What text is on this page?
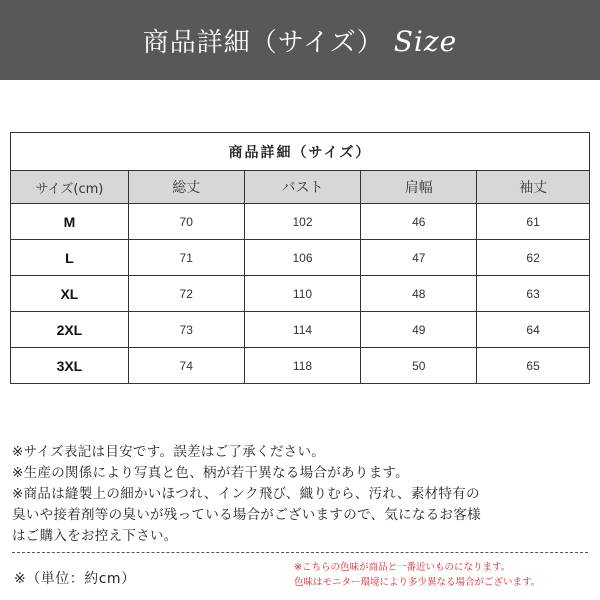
商品詳細（サイズ） Size
商品詳細（サイズ）				
サイズ(cm)	総丈	バスト	肩幅	袖丈
M	70	102	46	61
L	71	106	47	62
XL	72	110	48	63
2XL	73	114	49	64
3XL	74	118	50	65

※サイズ表記は目安です。誤差はご了承ください。

※生産の関係により写真と色、柄が若干異なる場合があります。

※商品は縫製上の細かいほつれ、インク飛び、織りむら、汚れ、素材特有の

臭いや接着剤等の臭いが残っている場合がございますので、気になるお客様

はご購入をお控え下さい。

※（単位：約cm）

※こちらの色味が商品と一番近いものになります。

色味はモニター環境により多少異なる場合がございます。
